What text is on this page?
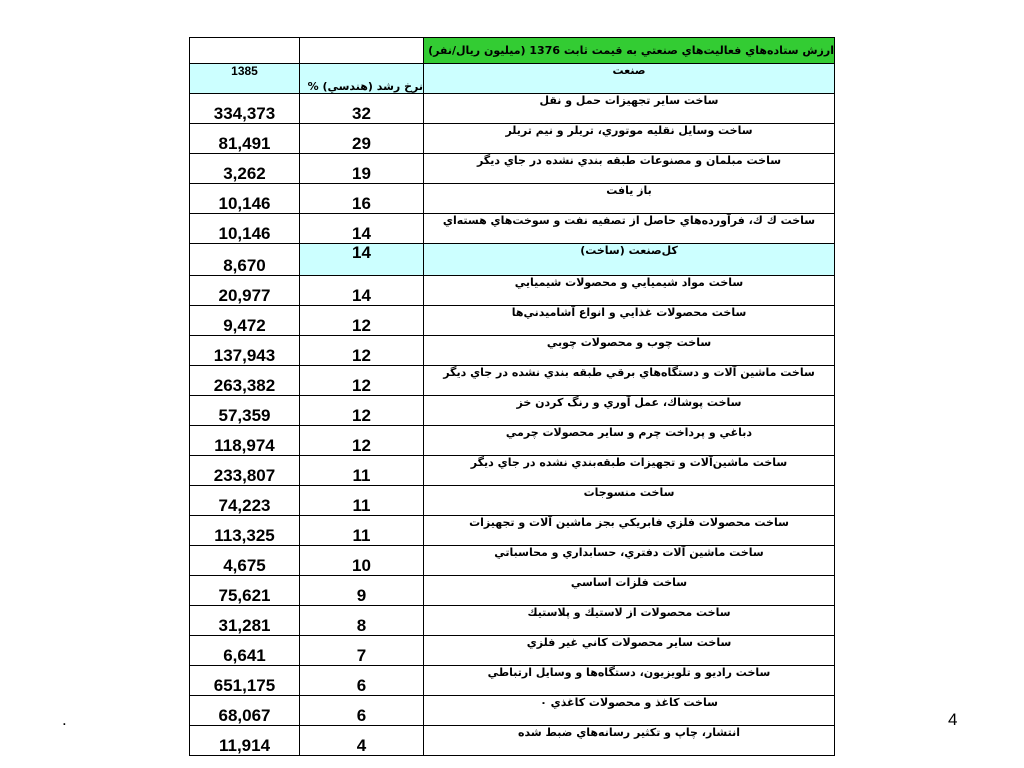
		ارزش ستاده‌هاي فعاليت‌هاي صنعتي به قيمت ثابت 1376 (ميليون ريال/نفر)
1385	نرخ رشد (هندسي) %	صنعت
334,373	32	ساخت ساير تجهيزات حمل و نقل
81,491	29	ساخت وسايل نقليه موتوري، تريلر و نيم تريلر
3,262	19	ساخت مبلمان و مصنوعات طبقه بندي نشده در جاي ديگر
10,146	16	باز يافت
10,146	14	ساخت ك ك، فرآورده‌هاي حاصل از تصفيه نفت و سوخت‌هاي هسته‌اي
8,670	14	كل‌صنعت (ساخت)
20,977	14	ساخت مواد شيميايي و محصولات شيميايي
9,472	12	ساخت محصولات غذايي و انواع آشاميدني‌ها
137,943	12	ساخت چوب و محصولات چوبي
263,382	12	ساخت ماشين آلات و دستگاه‌هاي برقي طبقه بندي نشده در جاي ديگر
57,359	12	ساخت پوشاك، عمل آوري و رنگ كردن خز
118,974	12	دباغي و پرداخت چرم و ساير محصولات چرمي
233,807	11	ساخت ماشين‌آلات و تجهيزات طبقه‌بندي نشده در جاي ديگر
74,223	11	ساخت منسوجات
113,325	11	ساخت محصولات فلزي فابريكي بجز ماشين آلات و تجهيزات
4,675	10	ساخت ماشين آلات دفتري، حسابداري و محاسباتي
75,621	9	ساخت فلزات اساسي
31,281	8	ساخت محصولات از لاستيك و پلاستيك
6,641	7	ساخت ساير محصولات كاني غير فلزي
651,175	6	ساخت راديو و تلويزيون، دستگاه‌ها و وسايل ارتباطي
68,067	6	ساخت كاغذ و محصولات كاغذي ٠
11,914	4	انتشار، چاپ و تكثير رسانه‌هاي ضبط شده
.	4
